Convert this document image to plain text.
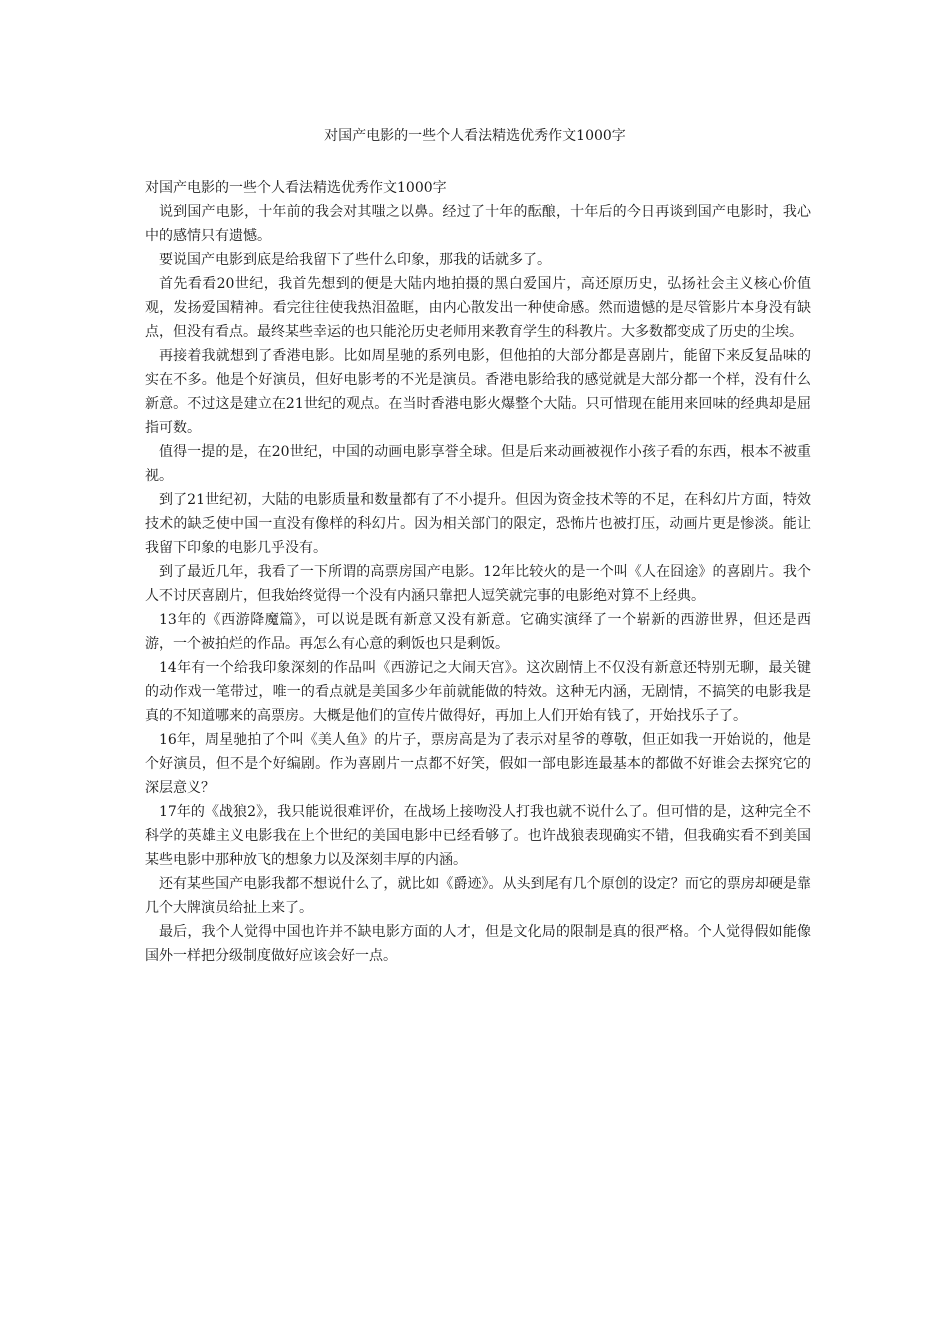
对国产电影的一些个人看法精选优秀作文1000字

对国产电影的一些个人看法精选优秀作文1000字

说到国产电影，十年前的我会对其嗤之以鼻。经过了十年的酝酿，十年后的今日再谈到国产电影时，我心中的感情只有遗憾。

要说国产电影到底是给我留下了些什么印象，那我的话就多了。

首先看看20世纪，我首先想到的便是大陆内地拍摄的黑白爱国片，高还原历史，弘扬社会主义核心价值观，发扬爱国精神。看完往往使我热泪盈眶，由内心散发出一种使命感。然而遗憾的是尽管影片本身没有缺点，但没有看点。最终某些幸运的也只能沦历史老师用来教育学生的科教片。大多数都变成了历史的尘埃。

再接着我就想到了香港电影。比如周星驰的系列电影，但他拍的大部分都是喜剧片，能留下来反复品味的实在不多。他是个好演员，但好电影考的不光是演员。香港电影给我的感觉就是大部分都一个样，没有什么新意。不过这是建立在21世纪的观点。在当时香港电影火爆整个大陆。只可惜现在能用来回味的经典却是屈指可数。

值得一提的是，在20世纪，中国的动画电影享誉全球。但是后来动画被视作小孩子看的东西，根本不被重视。

到了21世纪初，大陆的电影质量和数量都有了不小提升。但因为资金技术等的不足，在科幻片方面，特效技术的缺乏使中国一直没有像样的科幻片。因为相关部门的限定，恐怖片也被打压，动画片更是惨淡。能让我留下印象的电影几乎没有。

到了最近几年，我看了一下所谓的高票房国产电影。12年比较火的是一个叫《人在囧途》的喜剧片。我个人不讨厌喜剧片，但我始终觉得一个没有内涵只靠把人逗笑就完事的电影绝对算不上经典。

13年的《西游降魔篇》，可以说是既有新意又没有新意。它确实演绎了一个崭新的西游世界，但还是西游，一个被拍烂的作品。再怎么有心意的剩饭也只是剩饭。

14年有一个给我印象深刻的作品叫《西游记之大闹天宫》。这次剧情上不仅没有新意还特别无聊，最关键的动作戏一笔带过，唯一的看点就是美国多少年前就能做的特效。这种无内涵，无剧情，不搞笑的电影我是真的不知道哪来的高票房。大概是他们的宣传片做得好，再加上人们开始有钱了，开始找乐子了。

16年，周星驰拍了个叫《美人鱼》的片子，票房高是为了表示对星爷的尊敬，但正如我一开始说的，他是个好演员，但不是个好编剧。作为喜剧片一点都不好笑，假如一部电影连最基本的都做不好谁会去探究它的深层意义？

17年的《战狼2》，我只能说很难评价，在战场上接吻没人打我也就不说什么了。但可惜的是，这种完全不科学的英雄主义电影我在上个世纪的美国电影中已经看够了。也许战狼表现确实不错，但我确实看不到美国某些电影中那种放飞的想象力以及深刻丰厚的内涵。

还有某些国产电影我都不想说什么了，就比如《爵迹》。从头到尾有几个原创的设定？而它的票房却硬是靠几个大牌演员给扯上来了。

最后，我个人觉得中国也许并不缺电影方面的人才，但是文化局的限制是真的很严格。个人觉得假如能像国外一样把分级制度做好应该会好一点。
